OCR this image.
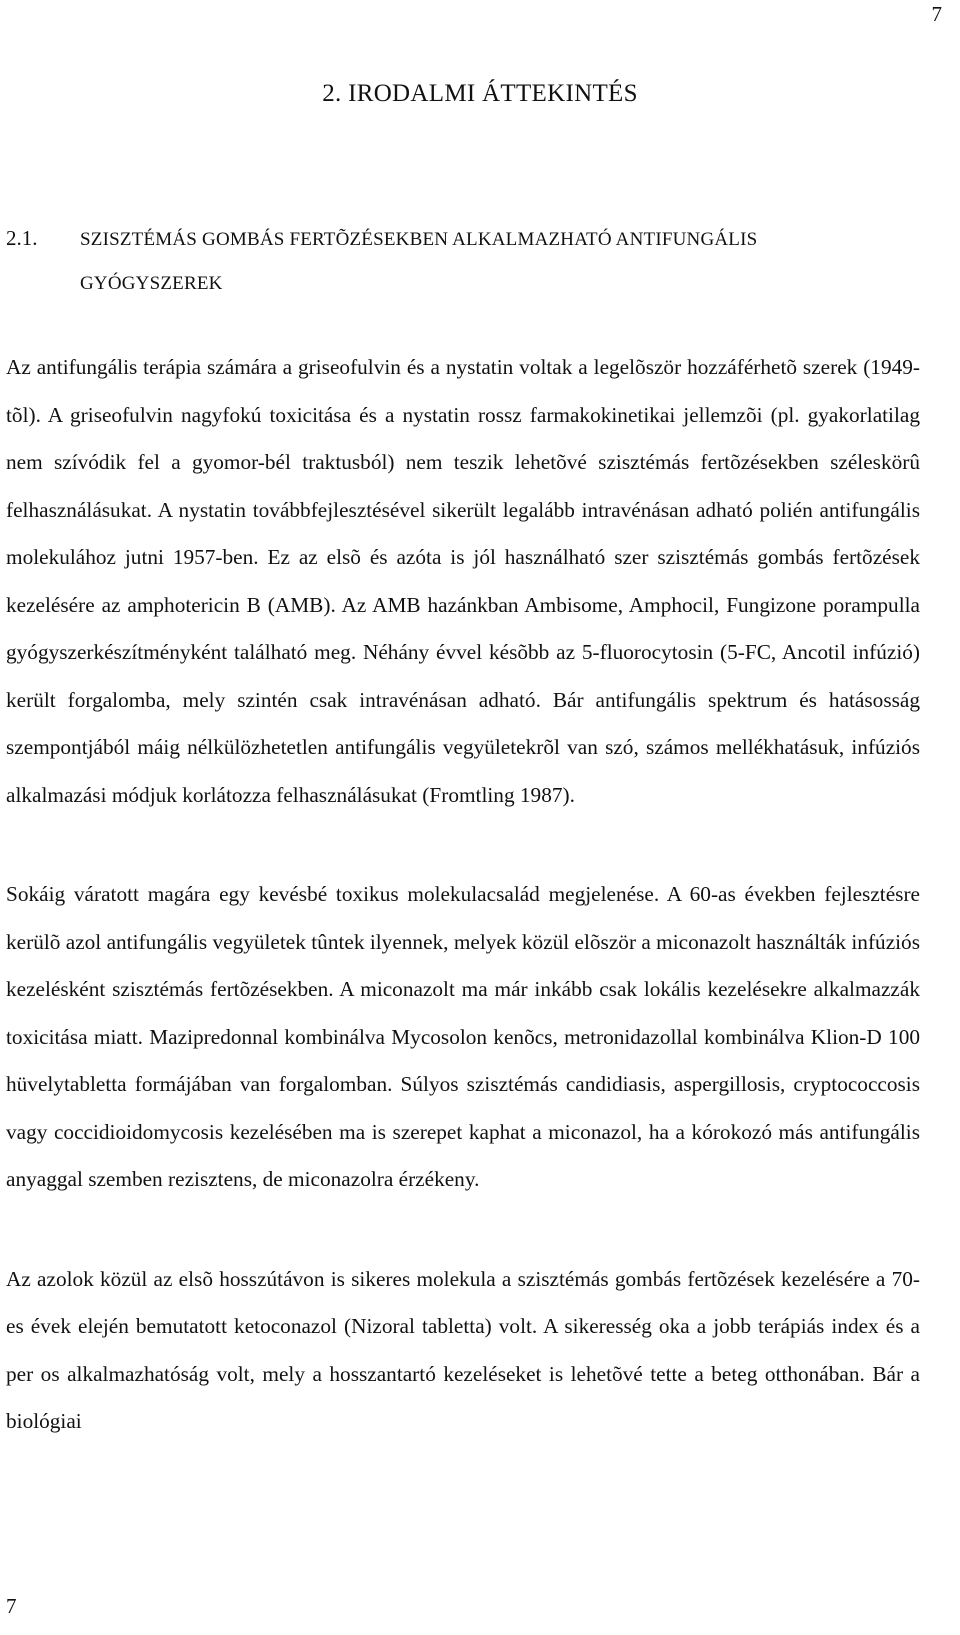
7
2. IRODALMI ÁTTEKINTÉS
2.1. SZISZTÉMÁS GOMBÁS FERTÕZÉSEKBEN ALKALMAZHATÓ ANTIFUNGÁLIS
GYÓGYSZEREK

Az antifungális terápia számára a griseofulvin és a nystatin voltak a legelõször hozzáférhetõ szerek (1949-tõl). A griseofulvin nagyfokú toxicitása és a nystatin rossz farmakokinetikai jellemzõi (pl. gyakorlatilag nem szívódik fel a gyomor-bél traktusból) nem teszik lehetõvé szisztémás fertõzésekben széleskörû felhasználásukat. A nystatin továbbfejlesztésével sikerült legalább intravénásan adható polién antifungális molekulához jutni 1957-ben. Ez az elsõ és azóta is jól használható szer szisztémás gombás fertõzések kezelésére az amphotericin B (AMB). Az AMB hazánkban Ambisome, Amphocil, Fungizone porampulla gyógyszerkészítményként található meg. Néhány évvel késõbb az 5-fluorocytosin (5-FC, Ancotil infúzió) került forgalomba, mely szintén csak intravénásan adható. Bár antifungális spektrum és hatásosság szempontjából máig nélkülözhetetlen antifungális vegyületekrõl van szó, számos mellékhatásuk, infúziós alkalmazási módjuk korlátozza felhasználásukat (Fromtling 1987).

Sokáig váratott magára egy kevésbé toxikus molekulacsalád megjelenése. A 60-as években fejlesztésre kerülõ azol antifungális vegyületek tûntek ilyennek, melyek közül elõször a miconazolt használták infúziós kezelésként szisztémás fertõzésekben. A miconazolt ma már inkább csak lokális kezelésekre alkalmazzák toxicitása miatt. Mazipredonnal kombinálva Mycosolon kenõcs, metronidazollal kombinálva Klion-D 100 hüvelytabletta formájában van forgalomban. Súlyos szisztémás candidiasis, aspergillosis, cryptococcosis vagy coccidioidomycosis kezelésében ma is szerepet kaphat a miconazol, ha a kórokozó más antifungális anyaggal szemben rezisztens, de miconazolra érzékeny.

Az azolok közül az elsõ hosszútávon is sikeres molekula a szisztémás gombás fertõzések kezelésére a 70-es évek elején bemutatott ketoconazol (Nizoral tabletta) volt. A sikeresség oka a jobb terápiás index és a per os alkalmazhatóság volt, mely a hosszantartó kezeléseket is lehetõvé tette a beteg otthonában. Bár a biológiai

7
